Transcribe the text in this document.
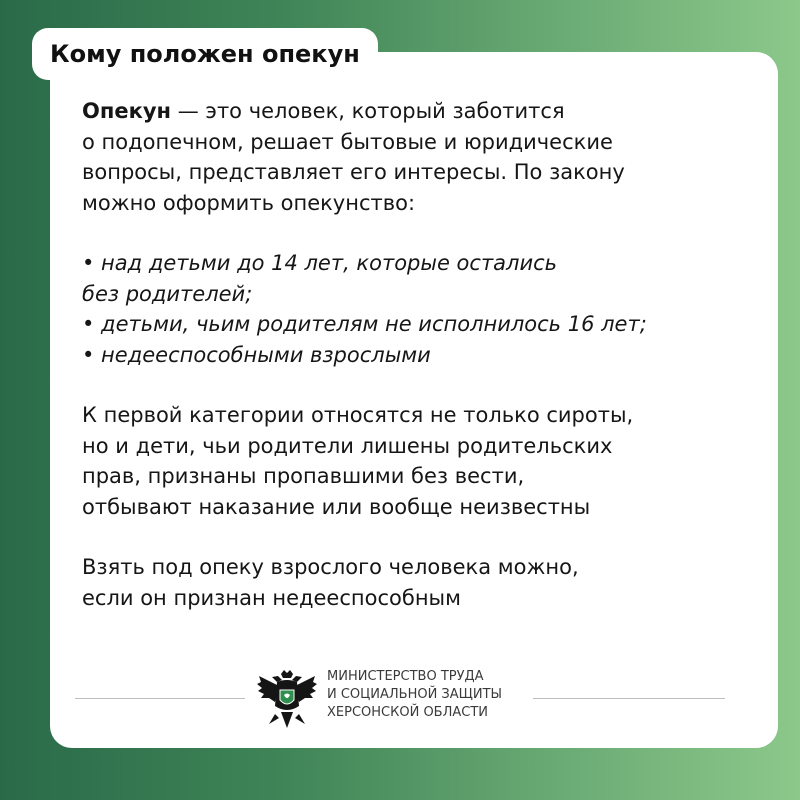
Кому положен опекун

Опекун — это человек, который заботится

о подопечном, решает бытовые и юридические

вопросы, представляет его интересы. По закону

можно оформить опекунство:

• над детьми до 14 лет, которые остались

без родителей;

• детьми, чьим родителям не исполнилось 16 лет;

• недееспособными взрослыми

К первой категории относятся не только сироты,

но и дети, чьи родители лишены родительских

прав, признаны пропавшими без вести,

отбывают наказание или вообще неизвестны

Взять под опеку взрослого человека можно,

если он признан недееспособным

МИНИСТЕРСТВО ТРУДА
И СОЦИАЛЬНОЙ ЗАЩИТЫ
ХЕРСОНСКОЙ ОБЛАСТИ
